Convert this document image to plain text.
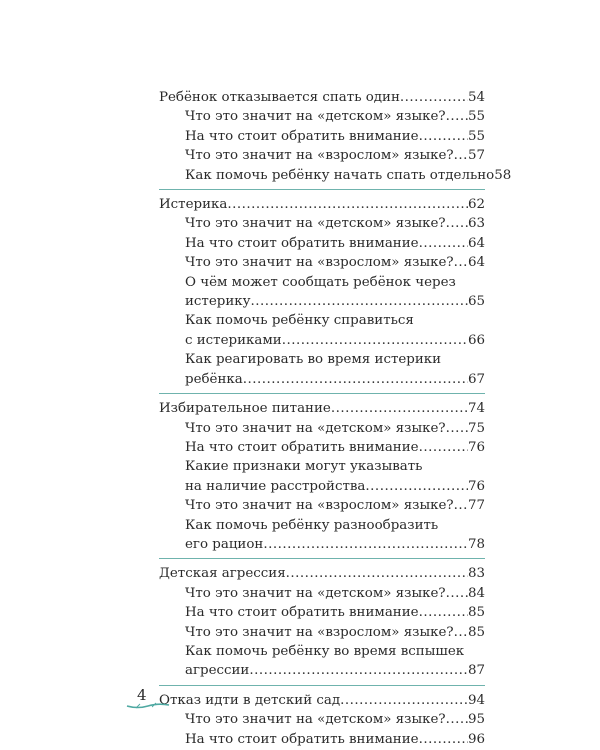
Ребёнок отказывается спать один .....	54
Что это значит на «детском» языке? ..... 55
На что стоит обратить внимание .....	55
Что это значит на «взрослом» языке? ..... 57
Как помочь ребёнку начать спать отдельно 58
Истерика .....	62
Что это значит на «детском» языке? ..... 63
На что стоит обратить внимание .....	64
Что это значит на «взрослом» языке? ..... 64
О чём может сообщать ребёнок через
истерику .....	65
Как помочь ребёнку справиться
с истериками .....	66
Как реагировать во время истерики
ребёнка .....	67
Избирательное питание .....	74
Что это значит на «детском» языке? ..... 75
На что стоит обратить внимание .....	76
Какие признаки могут указывать
на наличие расстройства .....	76
Что это значит на «взрослом» языке? ..... 77
Как помочь ребёнку разнообразить
его рацион .....	78
Детская агрессия .....	83
Что это значит на «детском» языке? ..... 84
На что стоит обратить внимание .....	85
Что это значит на «взрослом» языке? ..... 85
Как помочь ребёнку во время вспышек
агрессии .....	87
Отказ идти в детский сад .....	94
Что это значит на «детском» языке? ..... 95
На что стоит обратить внимание .....	96
4
